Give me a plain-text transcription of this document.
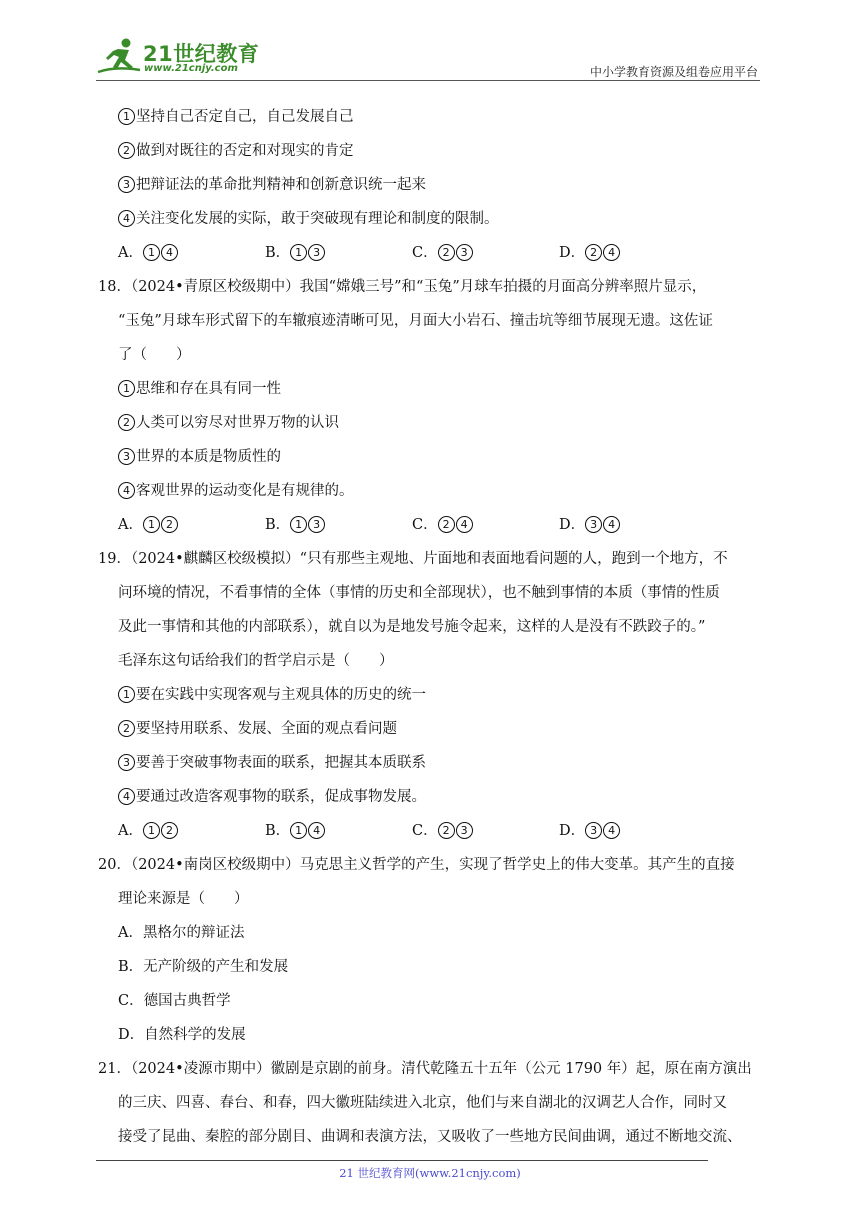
21世纪教育
www.21cnjy.com	中小学教育资源及组卷应用平台
1 坚持自己否定自己，自己发展自己
2 做到对既往的否定和对现实的肯定
3 把辩证法的革命批判精神和创新意识统一起来
4 关注变化发展的实际，敢于突破现有理论和制度的限制。
A． 1 4	B． 1 3	C． 2 3	D． 2 4
18．（2024•青原区校级期中）我国“嫦娥三号”和“玉兔”月球车拍摄的月面高分辨率照片显示，
“玉兔”月球车形式留下的车辙痕迹清晰可见，月面大小岩石、撞击坑等细节展现无遗。这佐证
了（　　）
1 思维和存在具有同一性
2 人类可以穷尽对世界万物的认识
3 世界的本质是物质性的
4 客观世界的运动变化是有规律的。
A． 1 2	B． 1 3	C． 2 4	D． 3 4
19．（2024•麒麟区校级模拟）“只有那些主观地、片面地和表面地看问题的人，跑到一个地方，不
问环境的情况，不看事情的全体（事情的历史和全部现状），也不触到事情的本质（事情的性质
及此一事情和其他的内部联系），就自以为是地发号施令起来，这样的人是没有不跌跤子的。”
毛泽东这句话给我们的哲学启示是（　　）
1 要在实践中实现客观与主观具体的历史的统一
2 要坚持用联系、发展、全面的观点看问题
3 要善于突破事物表面的联系，把握其本质联系
4 要通过改造客观事物的联系，促成事物发展。
A． 1 2	B． 1 4	C． 2 3	D． 3 4
20．（2024•南岗区校级期中）马克思主义哲学的产生，实现了哲学史上的伟大变革。其产生的直接
理论来源是（　　）
A．黑格尔的辩证法
B．无产阶级的产生和发展
C．德国古典哲学
D．自然科学的发展
21．（2024•凌源市期中）徽剧是京剧的前身。清代乾隆五十五年（公元 1790 年）起，原在南方演出
的三庆、四喜、春台、和春，四大徽班陆续进入北京，他们与来自湖北的汉调艺人合作，同时又
接受了昆曲、秦腔的部分剧目、曲调和表演方法，又吸收了一些地方民间曲调，通过不断地交流、
21 世纪教育网(www.21cnjy.com)
